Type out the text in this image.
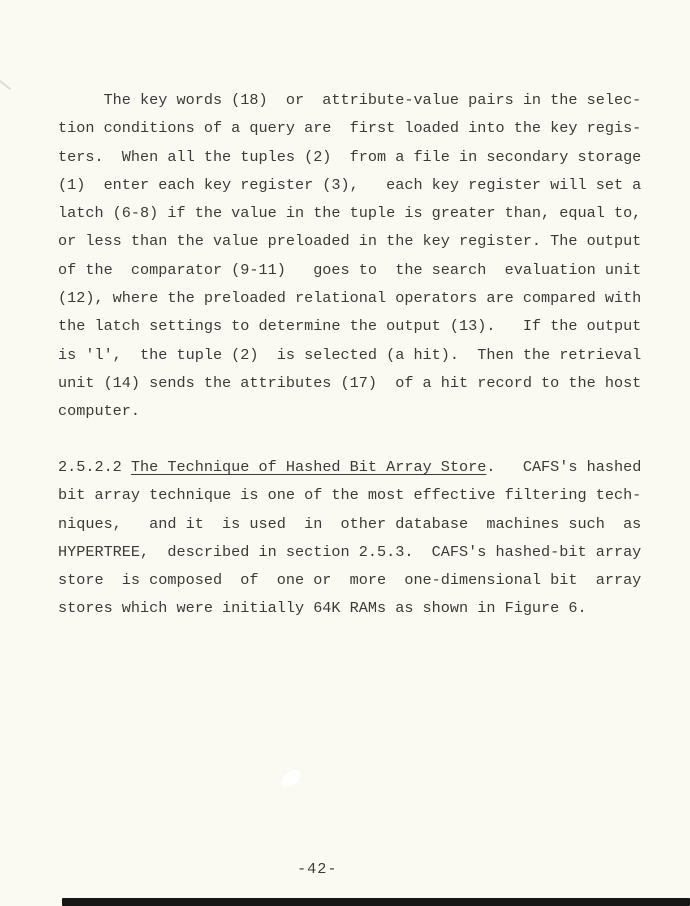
The key words (18)  or  attribute-value pairs in the selec-
tion conditions of a query are  first loaded into the key regis-
ters.  When all the tuples (2)  from a file in secondary storage
(1)  enter each key register (3),   each key register will set a
latch (6-8) if the value in the tuple is greater than, equal to,
or less than the value preloaded in the key register. The output
of the  comparator (9-11)   goes to  the search  evaluation unit
(12), where the preloaded relational operators are compared with
the latch settings to determine the output (13).   If the output
is 'l',  the tuple (2)  is selected (a hit).  Then the retrieval
unit (14) sends the attributes (17)  of a hit record to the host
computer.
2.5.2.2 The Technique of Hashed Bit Array Store.   CAFS's hashed
bit array technique is one of the most effective filtering tech-
niques,   and it  is used  in  other database  machines such  as
HYPERTREE,  described in section 2.5.3.  CAFS's hashed-bit array
store  is composed  of  one or  more  one-dimensional bit  array
stores which were initially 64K RAMs as shown in Figure 6.
-42-
